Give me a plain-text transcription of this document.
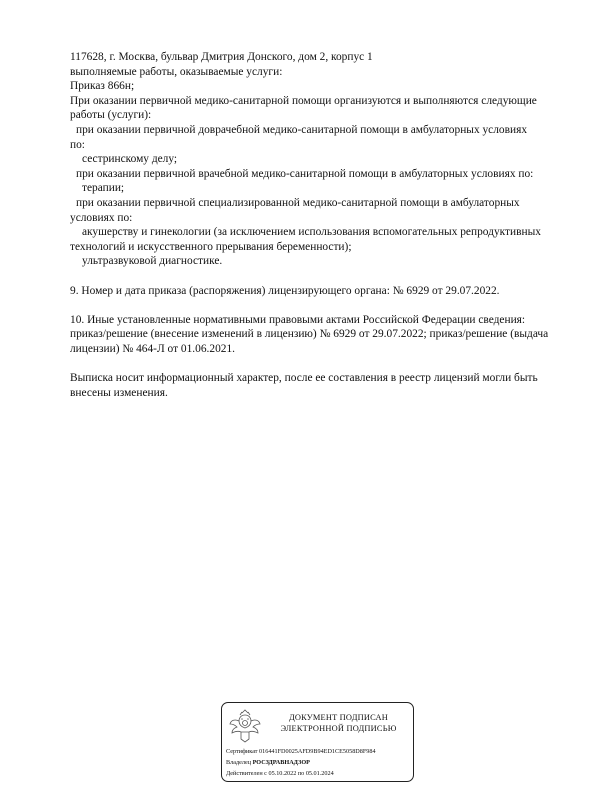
117628, г. Москва, бульвар Дмитрия Донского, дом 2, корпус 1
выполняемые работы, оказываемые услуги:
Приказ 866н;
При оказании первичной медико-санитарной помощи организуются и выполняются следующие
работы (услуги):
при оказании первичной доврачебной медико-санитарной помощи в амбулаторных условиях
по:
сестринскому делу;
при оказании первичной врачебной медико-санитарной помощи в амбулаторных условиях по:
терапии;
при оказании первичной специализированной медико-санитарной помощи в амбулаторных
условиях по:
акушерству и гинекологии (за исключением использования вспомогательных репродуктивных
технологий и искусственного прерывания беременности);
ультразвуковой диагностике.

9. Номер и дата приказа (распоряжения) лицензирующего органа: № 6929 от 29.07.2022.

10. Иные установленные нормативными правовыми актами Российской Федерации сведения:
приказ/решение (внесение изменений в лицензию) № 6929 от 29.07.2022; приказ/решение (выдача
лицензии) № 464-Л от 01.06.2021.

Выписка носит информационный характер, после ее составления в реестр лицензий могли быть
внесены изменения.
ДОКУМЕНТ ПОДПИСАН
ЭЛЕКТРОННОЙ ПОДПИСЬЮ
Сертификат 016441FD0025AFD9B94ED1CE5058D8F984
Владелец РОСЗДРАВНАДЗОР
Действителен с 05.10.2022 по 05.01.2024
